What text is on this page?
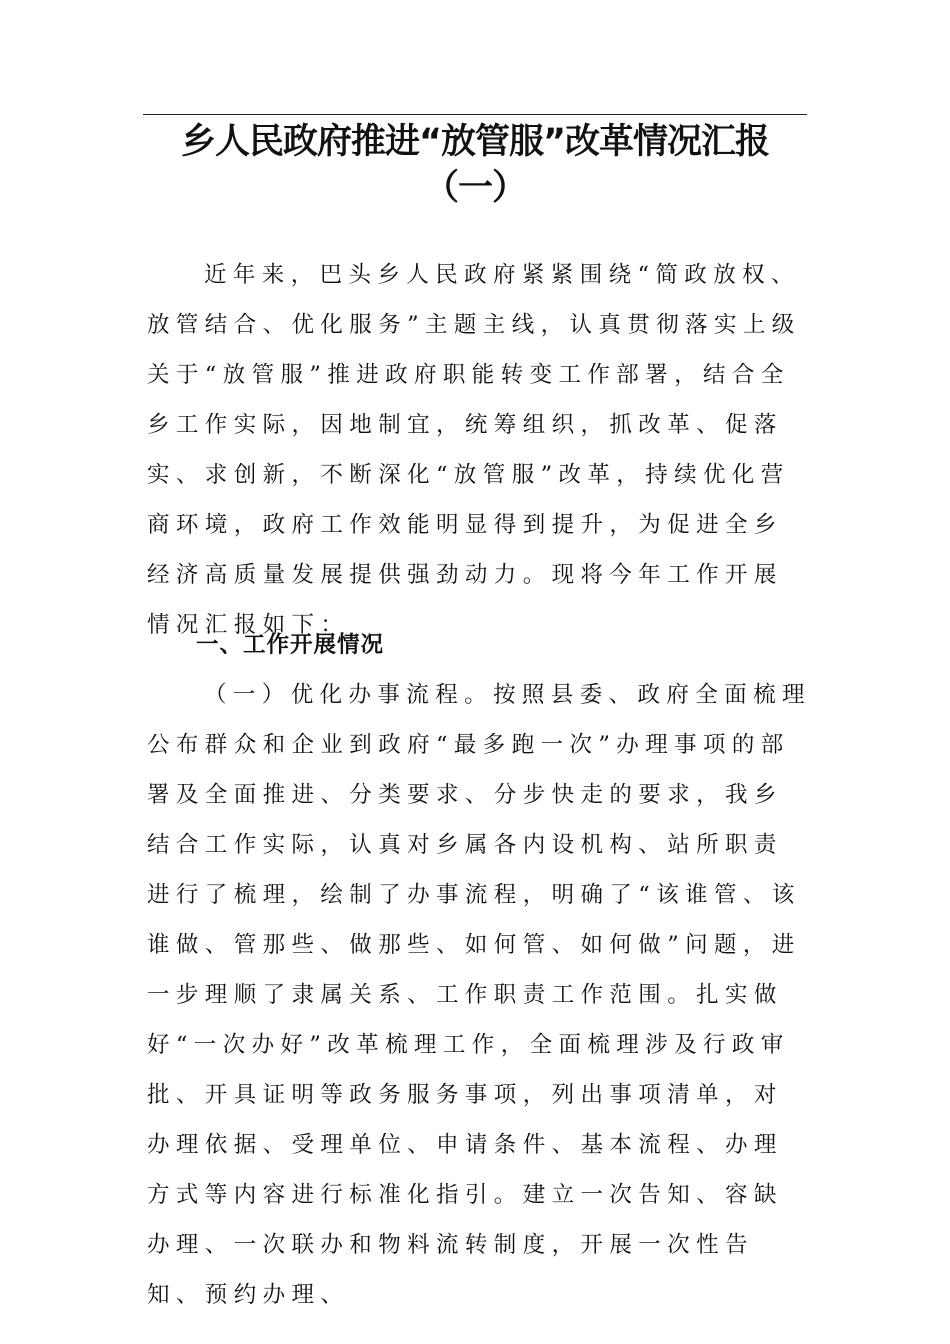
乡人民政府推进“放管服”改革情况汇报
（一）

近年来，巴头乡人民政府紧紧围绕“简政放权、放管结合、优化服务”主题主线，认真贯彻落实上级关于“放管服”推进政府职能转变工作部署，结合全乡工作实际，因地制宜，统筹组织，抓改革、促落实、求创新，不断深化“放管服”改革，持续优化营商环境，政府工作效能明显得到提升，为促进全乡经济高质量发展提供强劲动力。现将今年工作开展情况汇报如下：

一、工作开展情况

（一）优化办事流程。按照县委、政府全面梳理公布群众和企业到政府“最多跑一次”办理事项的部署及全面推进、分类要求、分步快走的要求，我乡结合工作实际，认真对乡属各内设机构、站所职责进行了梳理，绘制了办事流程，明确了“该谁管、该谁做、管那些、做那些、如何管、如何做”问题，进一步理顺了隶属关系、工作职责工作范围。扎实做好“一次办好”改革梳理工作，全面梳理涉及行政审批、开具证明等政务服务事项，列出事项清单，对办理依据、受理单位、申请条件、基本流程、办理方式等内容进行标准化指引。建立一次告知、容缺办理、一次联办和物料流转制度，开展一次性告知、预约办理、
